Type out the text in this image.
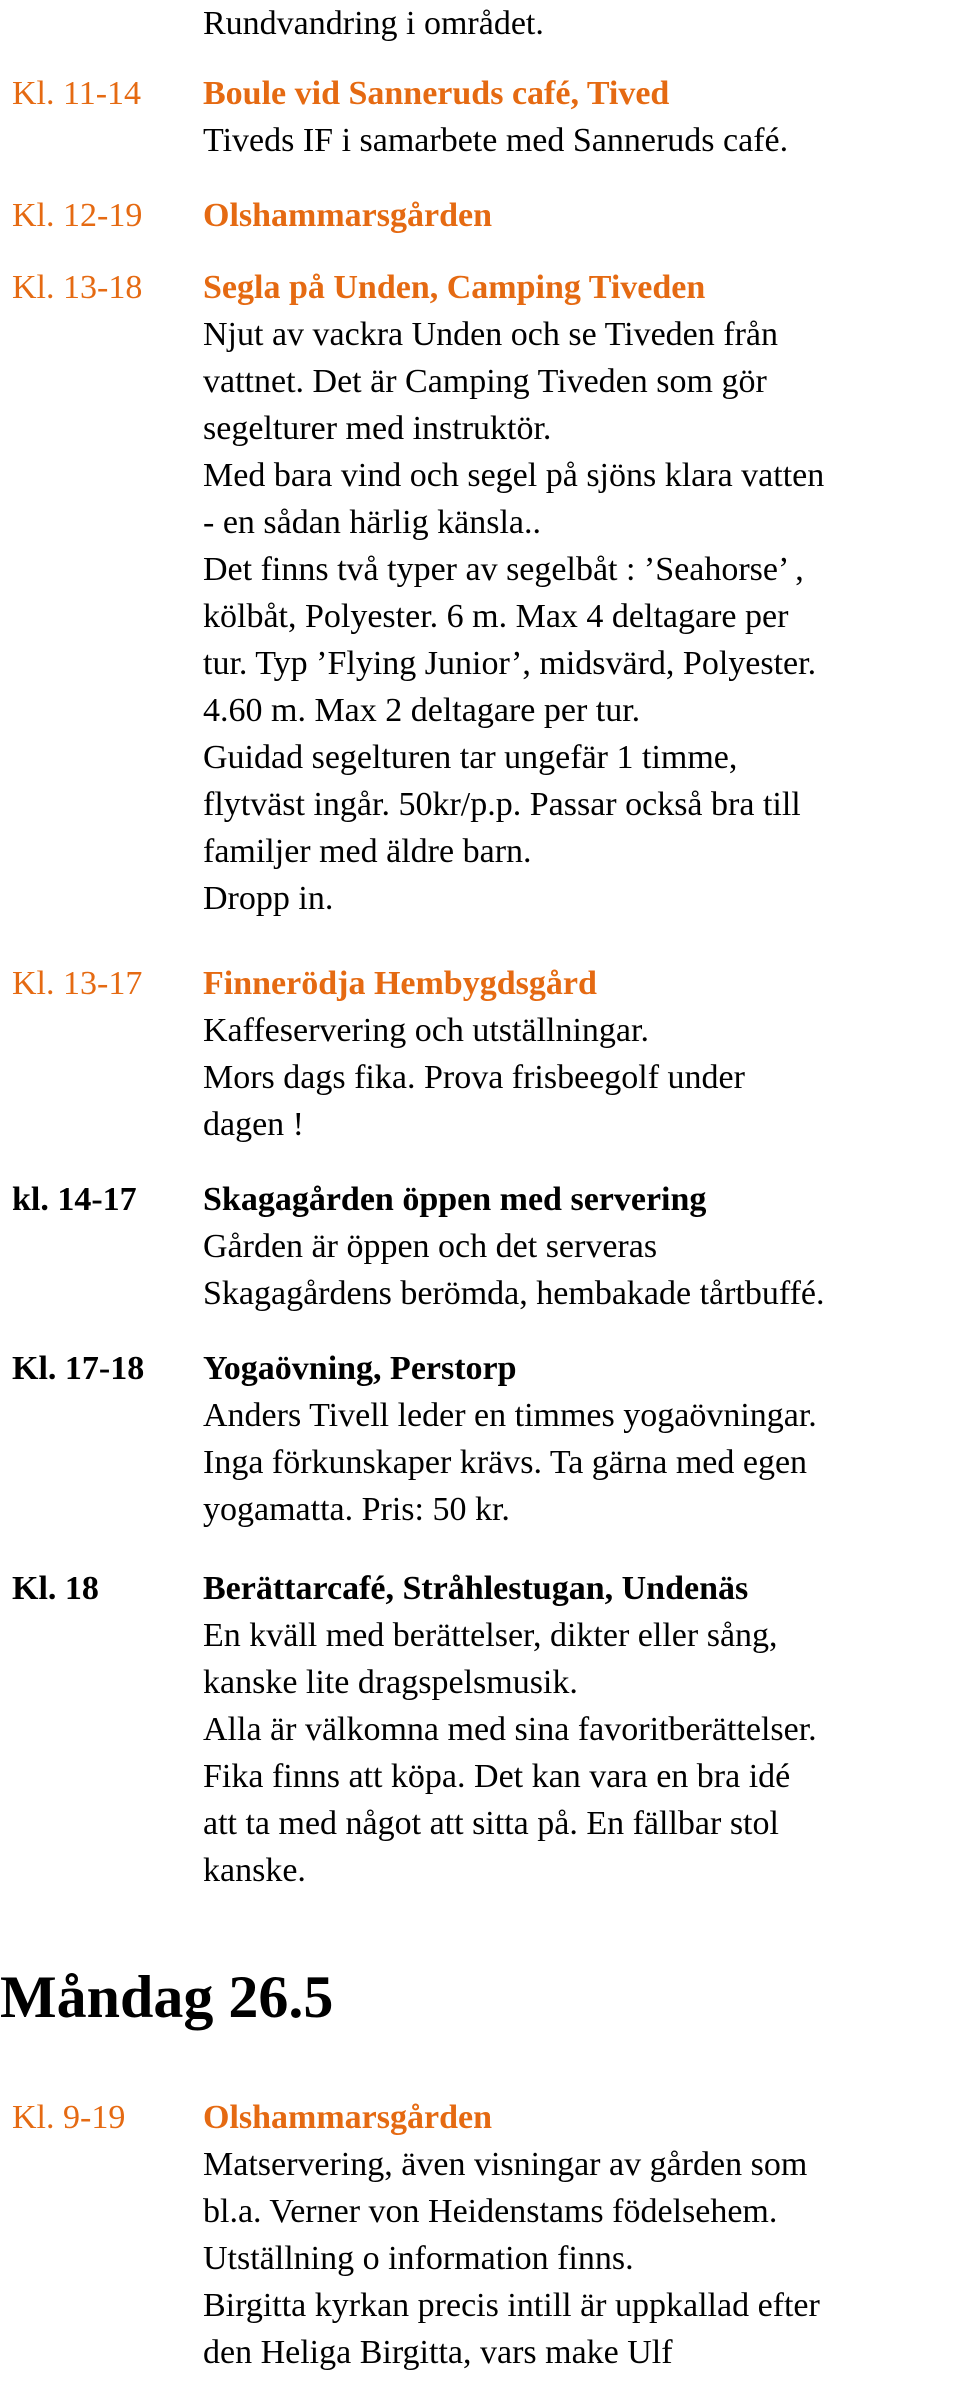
Rundvandring i området.
Kl. 11-14 Boule vid Sanneruds café, Tived
Tiveds IF i samarbete med Sanneruds café.
Kl. 12-19 Olshammarsgården
Kl. 13-18 Segla på Unden, Camping Tiveden
Njut av vackra Unden och se Tiveden från
vattnet. Det är Camping Tiveden som gör
segelturer med instruktör.
Med bara vind och segel på sjöns klara vatten
- en sådan härlig känsla..
Det finns två typer av segelbåt : ’Seahorse’ ,
kölbåt, Polyester. 6 m. Max 4 deltagare per
tur. Typ ’Flying Junior’, midsvärd, Polyester.
4.60 m. Max 2 deltagare per tur.
Guidad segelturen tar ungefär 1 timme,
flytväst ingår. 50kr/p.p. Passar också bra till
familjer med äldre barn.
Dropp in.
Kl. 13-17 Finnerödja Hembygdsgård
Kaffeservering och utställningar.
Mors dags fika. Prova frisbeegolf under
dagen !
kl. 14-17 Skagagården öppen med servering
Gården är öppen och det serveras
Skagagårdens berömda, hembakade tårtbuffé.
Kl. 17-18 Yogaövning, Perstorp
Anders Tivell leder en timmes yogaövningar.
Inga förkunskaper krävs. Ta gärna med egen
yogamatta. Pris: 50 kr.
Kl. 18	Berättarcafé, Stråhlestugan, Undenäs
En kväll med berättelser, dikter eller sång,
kanske lite dragspelsmusik.
Alla är välkomna med sina favoritberättelser.
Fika finns att köpa. Det kan vara en bra idé
att ta med något att sitta på. En fällbar stol
kanske.
Måndag 26.5
Kl. 9-19 Olshammarsgården
Matservering, även visningar av gården som
bl.a. Verner von Heidenstams födelsehem.
Utställning o information finns.
Birgitta kyrkan precis intill är uppkallad efter
den Heliga Birgitta, vars make Ulf
